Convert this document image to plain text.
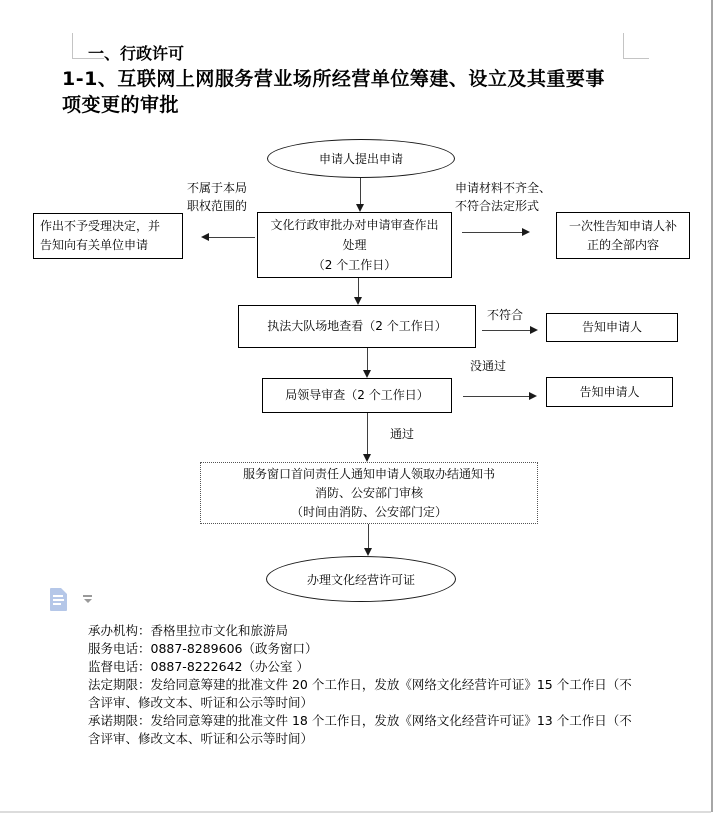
一、行政许可
1-1、互联网上网服务营业场所经营单位筹建、设立及其重要事
项变更的审批
申请人提出申请
不属于本局
职权范围的
申请材料不齐全、
不符合法定形式
作出不予受理决定，并
告知向有关单位申请
文化行政审批办对申请审查作出
处理
（2 个工作日）
一次性告知申请人补
正的全部内容
执法大队场地查看（2 个工作日）
不符合
告知申请人
局领导审查（2 个工作日）
没通过
告知申请人
通过
服务窗口首问责任人通知申请人领取办结通知书
消防、公安部门审核
（时间由消防、公安部门定）
办理文化经营许可证
承办机构：香格里拉市文化和旅游局
服务电话：0887-8289606（政务窗口）
监督电话：0887-8222642（办公室 ）
法定期限：发给同意筹建的批准文件 20 个工作日，发放《网络文化经营许可证》15 个工作日（不
含评审、修改文本、听证和公示等时间）
承诺期限：发给同意筹建的批准文件 18 个工作日，发放《网络文化经营许可证》13 个工作日（不
含评审、修改文本、听证和公示等时间）
